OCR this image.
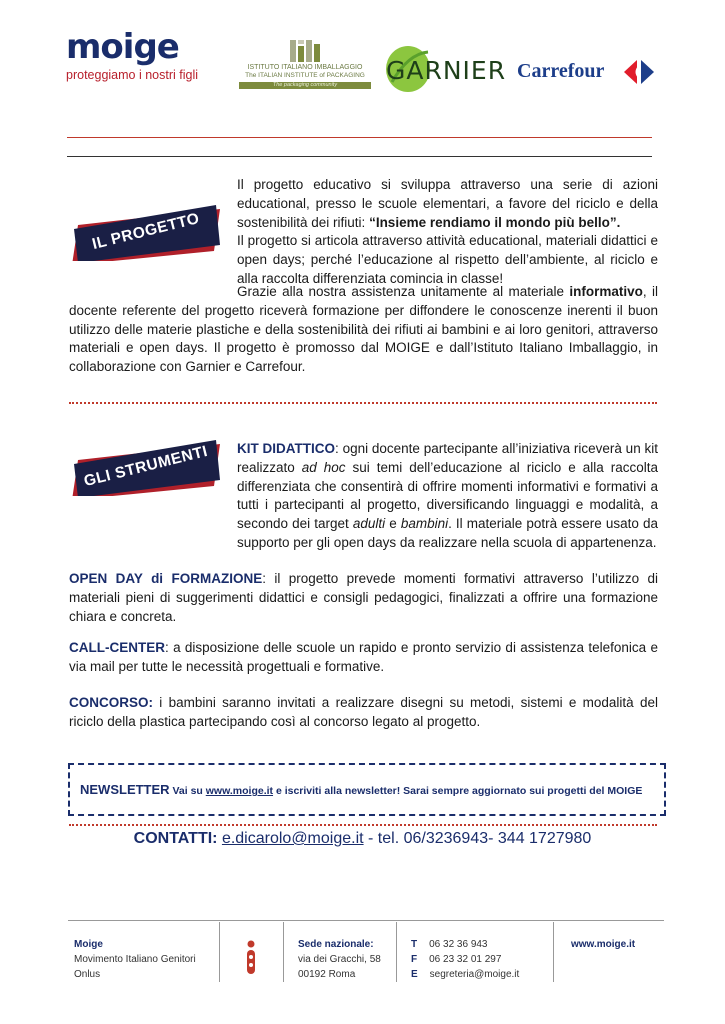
moige
proteggiamo i nostri figli
ISTITUTO ITALIANO IMBALLAGGIO
The ITALIAN INSTITUTE of PACKAGING
The packaging community	GARNIER Carrefour
IL PROGETTO

Il progetto educativo si sviluppa attraverso una serie di azioni educational, presso le scuole elementari, a favore del riciclo e della sostenibilità dei rifiuti: “Insieme rendiamo il mondo più bello”.

Il progetto si articola attraverso attività educational, materiali didattici e open days; perché l’educazione al rispetto dell’ambiente, al riciclo e alla raccolta differenziata comincia in classe!

Grazie alla nostra assistenza unitamente al materiale informativo, il docente referente del progetto riceverà formazione per diffondere le conoscenze inerenti il buon utilizzo delle materie plastiche e della sostenibilità dei rifiuti ai bambini e ai loro genitori, attraverso materiali e open days. Il progetto è promosso dal MOIGE e dall’Istituto Italiano Imballaggio, in collaborazione con Garnier e Carrefour.

GLI STRUMENTI	KIT DIDATTICO: ogni docente partecipante all’iniziativa riceverà un kit realizzato ad hoc sui temi dell’educazione al riciclo e alla raccolta differenziata che consentirà di offrire momenti informativi e formativi a tutti i partecipanti al progetto, diversificando linguaggi e modalità, a secondo dei target adulti e bambini. Il materiale potrà essere usato da supporto per gli open days da realizzare nella scuola di appartenenza.

OPEN DAY di FORMAZIONE: il progetto prevede momenti formativi attraverso l’utilizzo di materiali pieni di suggerimenti didattici e consigli pedagogici, finalizzati a offrire una formazione chiara e concreta.

CALL-CENTER: a disposizione delle scuole un rapido e pronto servizio di assistenza telefonica e via mail per tutte le necessità progettuali e formative.

CONCORSO: i bambini saranno invitati a realizzare disegni su metodi, sistemi e modalità del riciclo della plastica partecipando così al concorso legato al progetto.

NEWSLETTER Vai su www.moige.it e iscriviti alla newsletter! Sarai sempre aggiornato sui progetti del MOIGE
CONTATTI: e.dicarolo@moige.it - tel. 06/3236943- 344 1727980
Moige
Movimento Italiano Genitori
Onlus
Sede nazionale:
via dei Gracchi, 58
00192 Roma
T 06 32 36 943
F 06 23 32 01 297
E segreteria@moige.it
www.moige.it
